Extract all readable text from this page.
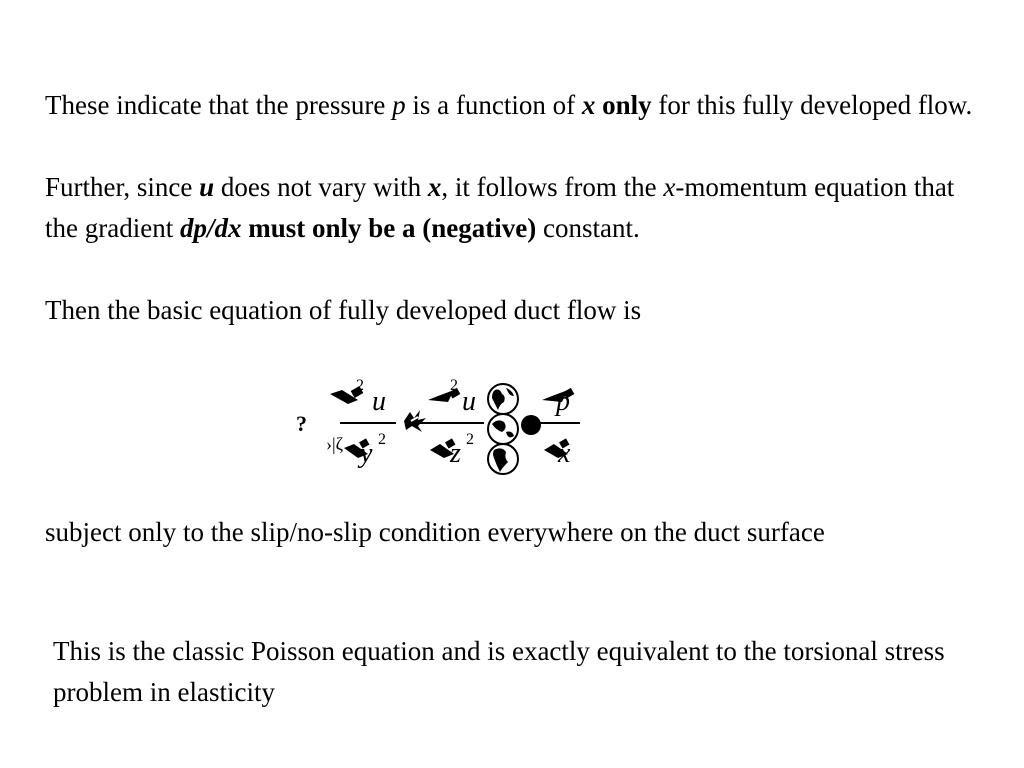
These indicate that the pressure p is a function of x only for this fully developed flow.

Further, since u does not vary with x, it follows from the x-momentum equation that the gradient dp/dx must only be a (negative) constant.

Then the basic equation of fully developed duct flow is

?
2
u
›|ζ y 2
2
u
z 2
p
x

subject only to the slip/no-slip condition everywhere on the duct surface

This is the classic Poisson equation and is exactly equivalent to the torsional stress problem in elasticity
